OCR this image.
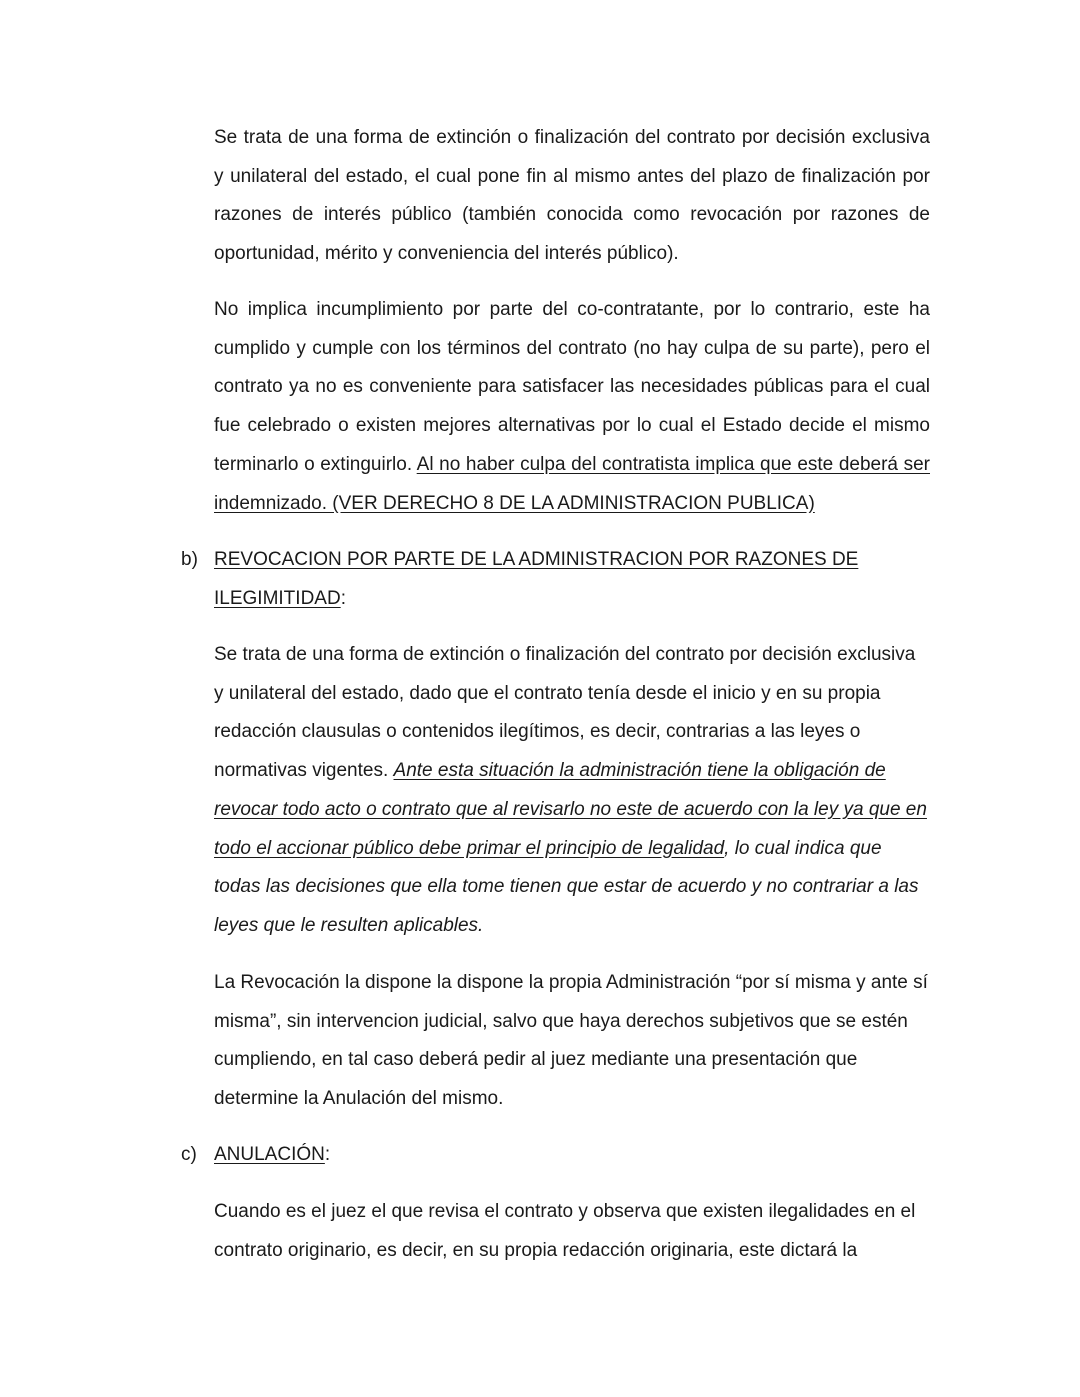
Se trata de una forma de extinción o finalización del contrato por decisión exclusiva y unilateral del estado, el cual pone fin al mismo antes del plazo de finalización por razones de interés público (también conocida como revocación por razones de oportunidad, mérito y conveniencia del interés público).

No implica incumplimiento por parte del co-contratante, por lo contrario, este ha cumplido y cumple con los términos del contrato (no hay culpa de su parte), pero el contrato ya no es conveniente para satisfacer las necesidades públicas para el cual fue celebrado o existen mejores alternativas por lo cual el Estado decide el mismo terminarlo o extinguirlo. Al no haber culpa del contratista implica que este deberá ser indemnizado. (VER DERECHO 8 DE LA ADMINISTRACION PUBLICA)

b) REVOCACION POR PARTE DE LA ADMINISTRACION POR RAZONES DE
ILEGIMITIDAD:

Se trata de una forma de extinción o finalización del contrato por decisión exclusiva y unilateral del estado, dado que el contrato tenía desde el inicio y en su propia redacción clausulas o contenidos ilegítimos, es decir, contrarias a las leyes o normativas vigentes. Ante esta situación la administración tiene la obligación de revocar todo acto o contrato que al revisarlo no este de acuerdo con la ley ya que en todo el accionar público debe primar el principio de legalidad, lo cual indica que todas las decisiones que ella tome tienen que estar de acuerdo y no contrariar a las leyes que le resulten aplicables.

La Revocación la dispone la dispone la propia Administración “por sí misma y ante sí misma”, sin intervencion judicial, salvo que haya derechos subjetivos que se estén cumpliendo, en tal caso deberá pedir al juez mediante una presentación que determine la Anulación del mismo.

c) ANULACIÓN:

Cuando es el juez el que revisa el contrato y observa que existen ilegalidades en el contrato originario, es decir, en su propia redacción originaria, este dictará la
